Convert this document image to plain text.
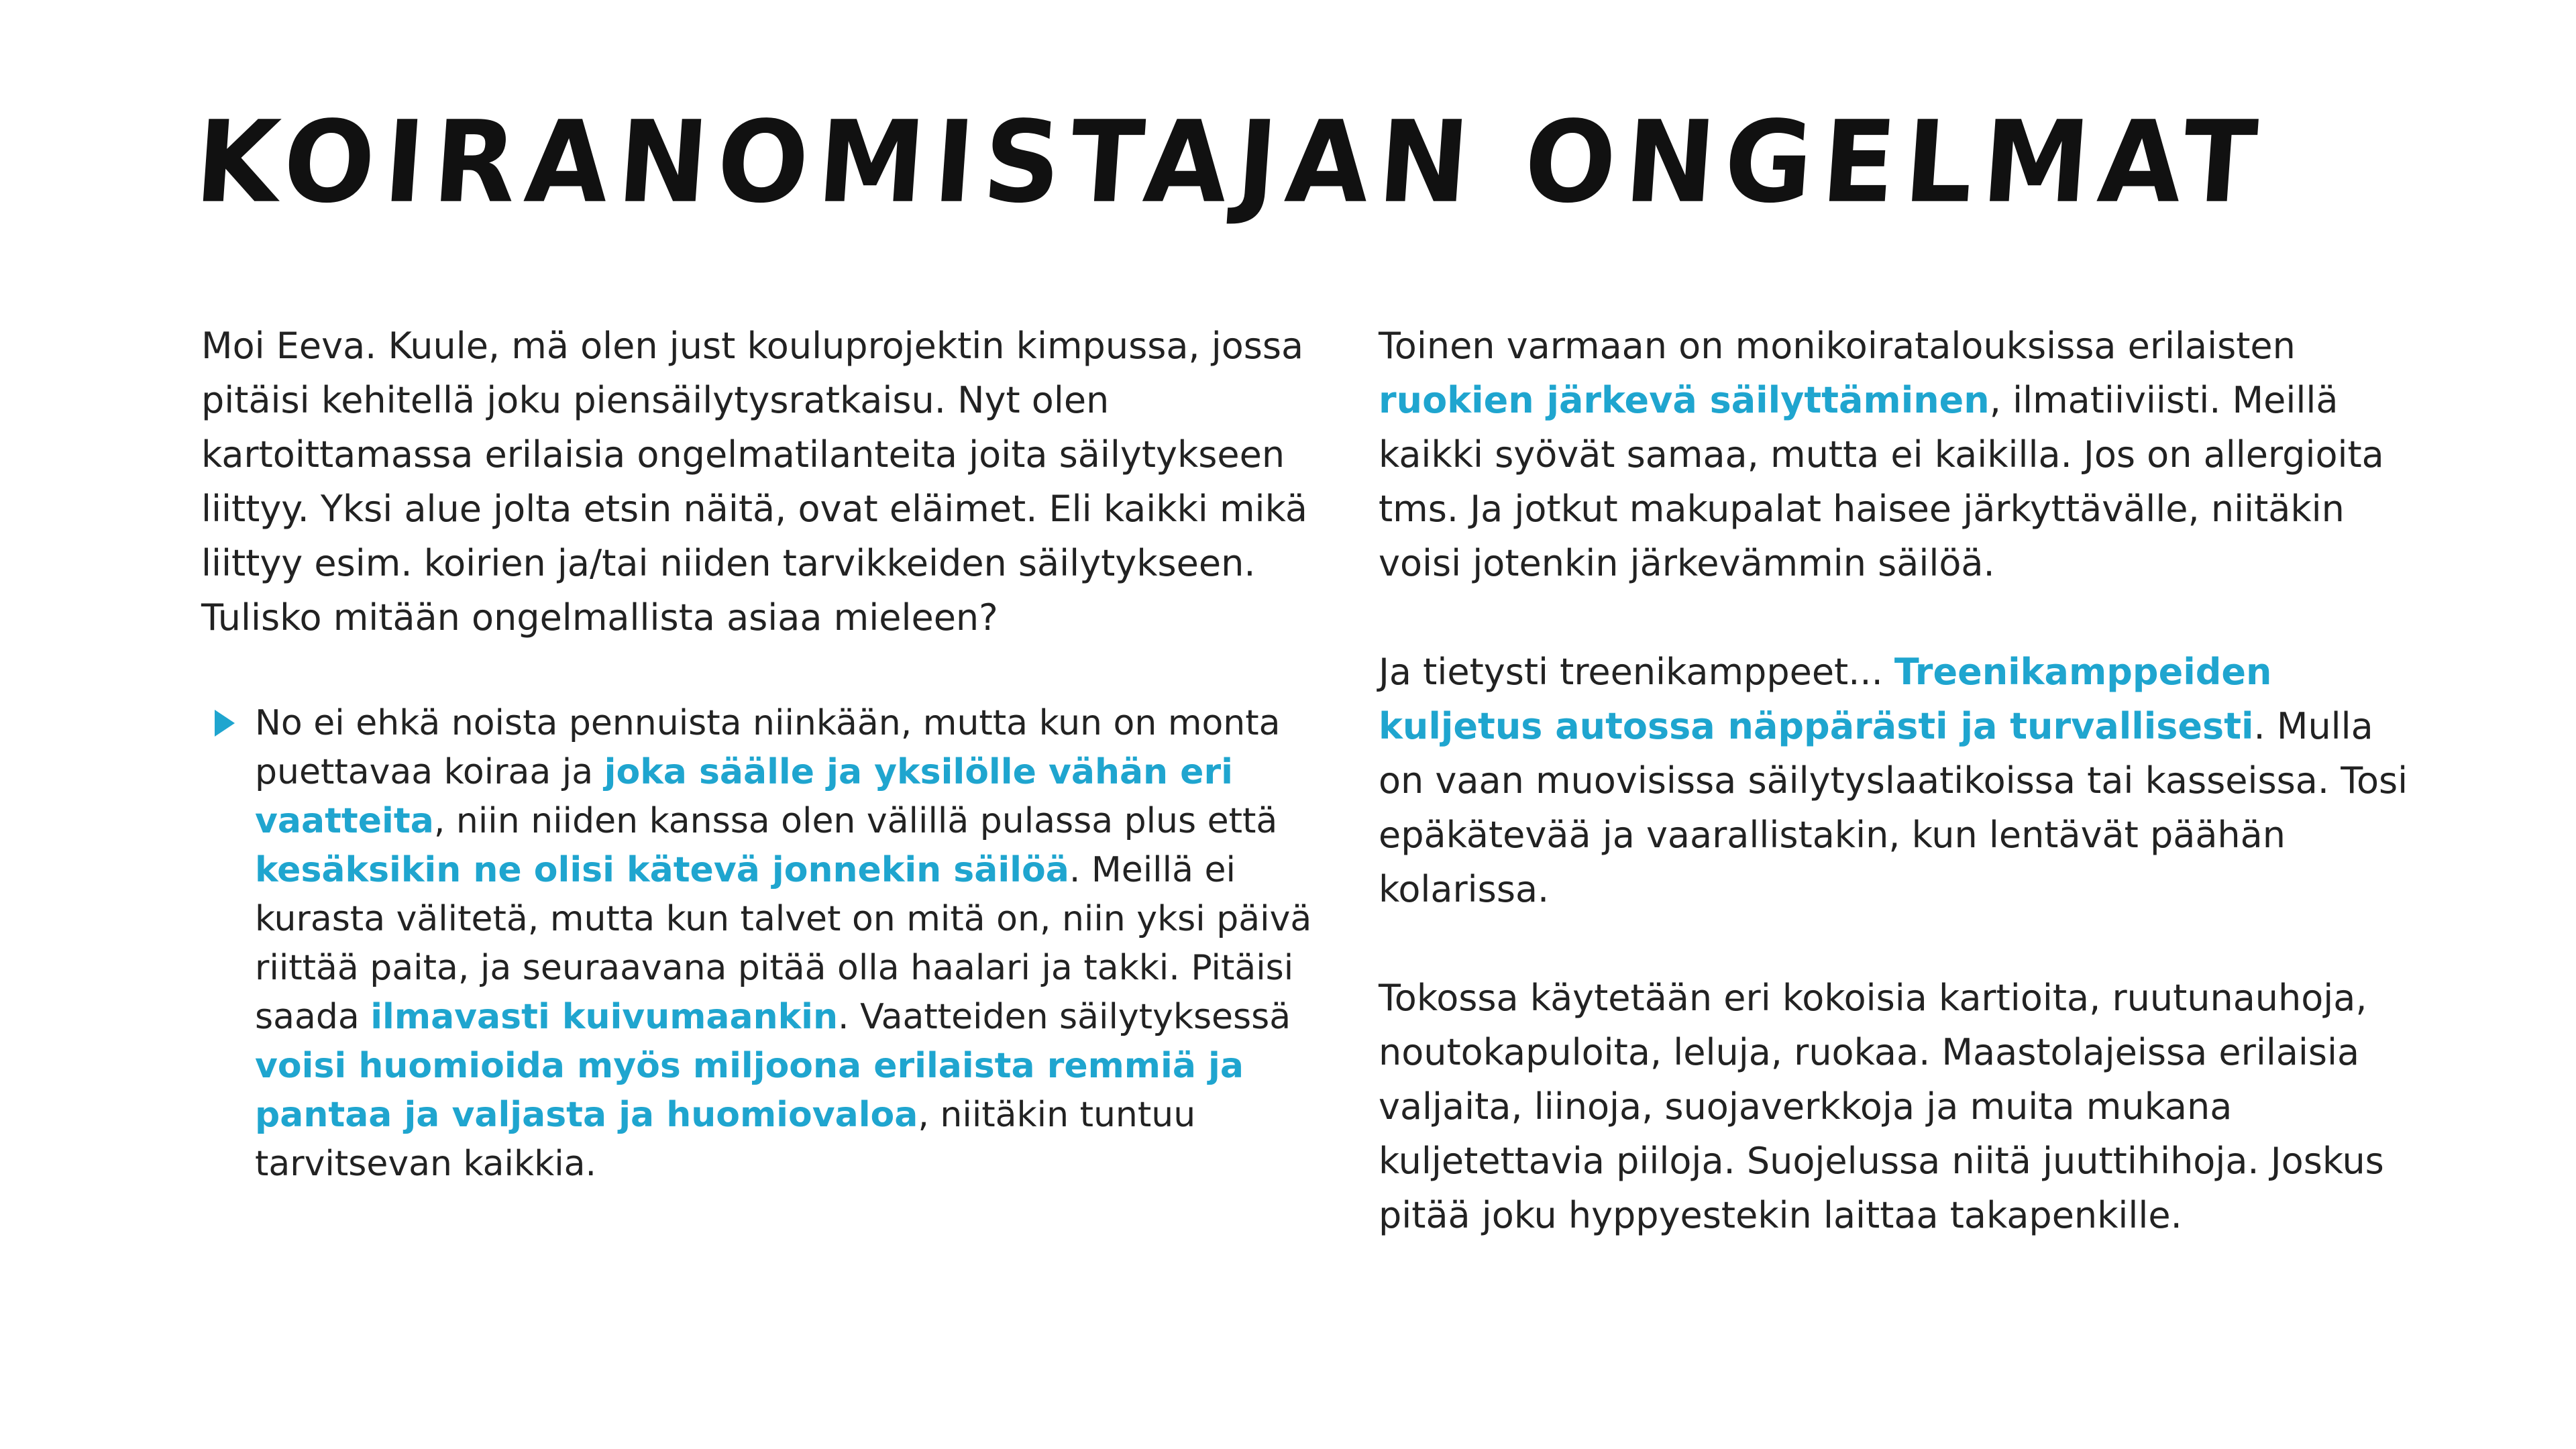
KOIRANOMISTAJAN ONGELMAT

Moi Eeva. Kuule, mä olen just kouluprojektin kimpussa, jossa pitäisi kehitellä joku piensäilytysratkaisu. Nyt olen kartoittamassa erilaisia ongelmatilanteita joita säilytykseen liittyy. Yksi alue jolta etsin näitä, ovat eläimet. Eli kaikki mikä liittyy esim. koirien ja/tai niiden tarvikkeiden säilytykseen. Tulisko mitään ongelmallista asiaa mieleen?

No ei ehkä noista pennuista niinkään, mutta kun on monta puettavaa koiraa ja joka säälle ja yksilölle vähän eri vaatteita, niin niiden kanssa olen välillä pulassa plus että kesäksikin ne olisi kätevä jonnekin säilöä. Meillä ei kurasta välitetä, mutta kun talvet on mitä on, niin yksi päivä riittää paita, ja seuraavana pitää olla haalari ja takki. Pitäisi saada ilmavasti kuivumaankin. Vaatteiden säilytyksessä voisi huomioida myös miljoona erilaista remmiä ja pantaa ja valjasta ja huomiovaloa, niitäkin tuntuu tarvitsevan kaikkia.

Toinen varmaan on monikoiratalouksissa erilaisten ruokien järkevä säilyttäminen, ilmatiiviisti. Meillä kaikki syövät samaa, mutta ei kaikilla. Jos on allergioita tms. Ja jotkut makupalat haisee järkyttävälle, niitäkin voisi jotenkin järkevämmin säilöä.

Ja tietysti treenikamppeet... Treenikamppeiden kuljetus autossa näppärästi ja turvallisesti. Mulla on vaan muovisissa säilytyslaatikoissa tai kasseissa. Tosi epäkätevää ja vaarallistakin, kun lentävät päähän kolarissa.

Tokossa käytetään eri kokoisia kartioita, ruutunauhoja, noutokapuloita, leluja, ruokaa. Maastolajeissa erilaisia valjaita, liinoja, suojaverkkoja ja muita mukana kuljetettavia piiloja. Suojelussa niitä juuttihihoja. Joskus pitää joku hyppyestekin laittaa takapenkille.
